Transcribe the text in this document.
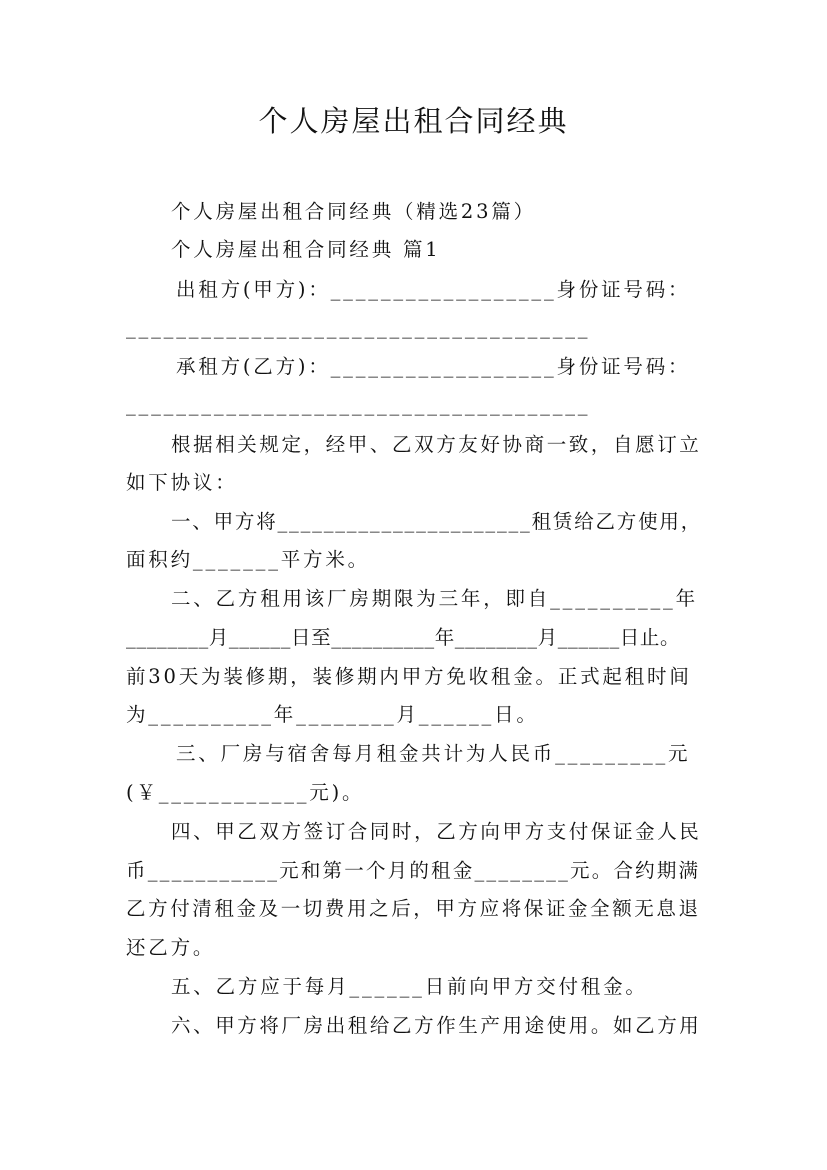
个人房屋出租合同经典
个人房屋出租合同经典（精选23篇）
个人房屋出租合同经典 篇1
出租方(甲方)：__________________身份证号码：
_____________________________________
承租方(乙方)：__________________身份证号码：
_____________________________________
根据相关规定，经甲、乙双方友好协商一致，自愿订立
如下协议：
一、甲方将______________________租赁给乙方使用，
面积约_______平方米。
二、乙方租用该厂房期限为三年，即自__________年
________月______日至__________年________月______日止。
前30天为装修期，装修期内甲方免收租金。正式起租时间
为__________年________月______日。
三、厂房与宿舍每月租金共计为人民币_________元
(￥____________元)。
四、甲乙双方签订合同时，乙方向甲方支付保证金人民
币___________元和第一个月的租金________元。合约期满
乙方付清租金及一切费用之后，甲方应将保证金全额无息退
还乙方。
五、乙方应于每月______日前向甲方交付租金。
六、甲方将厂房出租给乙方作生产用途使用。如乙方用
